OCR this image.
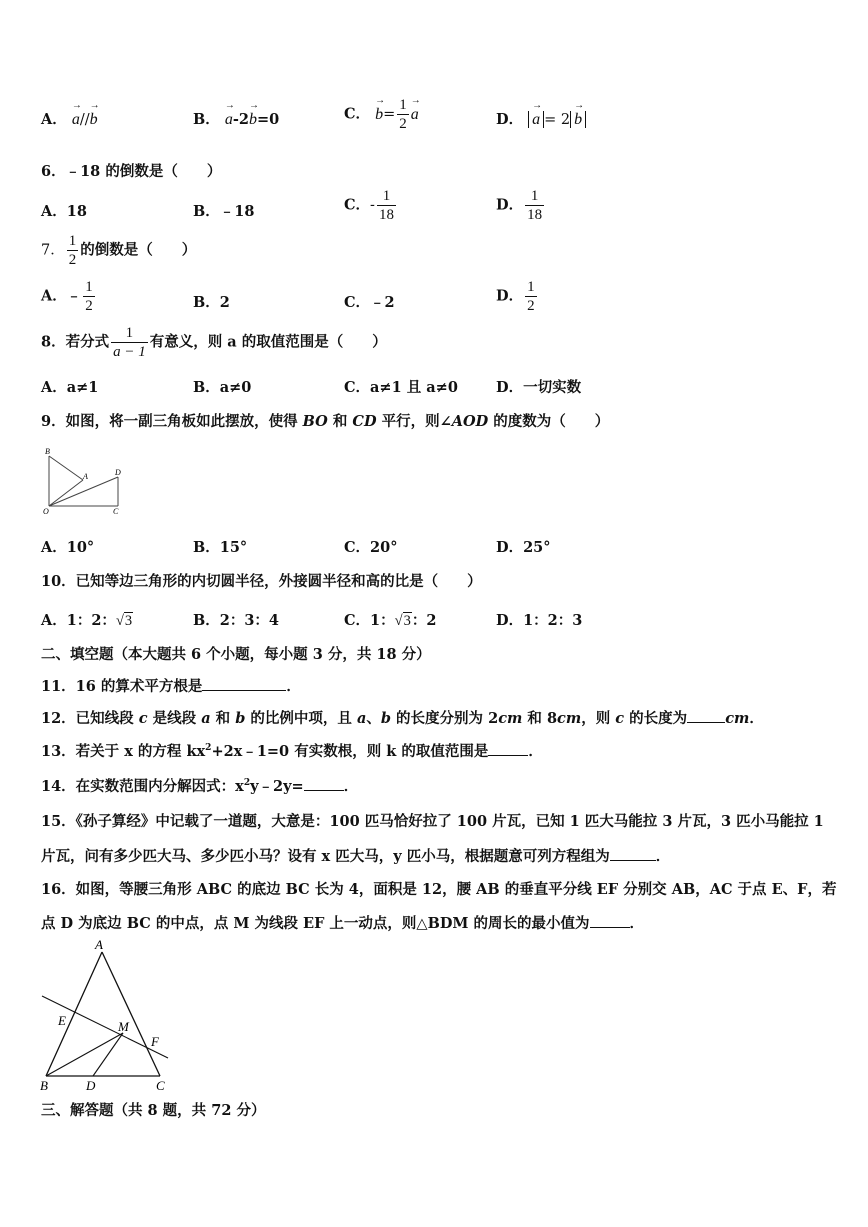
A． → a//→ b	B． → a-2→ b=0	C． → $b= \frac{1}{2}$
→ a	D． → a = 2→ b
6．﹣18 的倒数是（　　）
A．18	B．﹣18	C．- $\frac{1}{18}$	D． $\frac{1}{18}$
7． $\frac{1}{2}$ 的倒数是（　　）
A．﹣ $\frac{1}{2}$	B．2	C．﹣2	D． $\frac{1}{2}$
8．若分式 $\frac{1}{a - 1}$ 有意义，则 a 的取值范围是（　　）
A．a≠1	B．a≠0	C．a≠1 且 a≠0	D．一切实数
9．如图，将一副三角板如此摆放，使得 BO 和 CD 平行，则∠AOD 的度数为（　　）
B
A	D
O	C
A．10°	B．15°	C．20°	D．25°
10．已知等边三角形的内切圆半径，外接圆半径和高的比是（　　）
A．1：2：√3	B．2：3：4	C．1：√3：2	D．1：2：3
二、填空题（本大题共 6 个小题，每小题 3 分，共 18 分）
11．16 的算术平方根是	．
12．已知线段 c 是线段 a 和 b 的比例中项，且 a、b 的长度分别为 2cm 和 8cm，则 c 的长度为	cm．
13．若关于 x 的方程 $kx^2+2x﹣1=0$ 有实数根，则 k 的取值范围是	．
14．在实数范围内分解因式：$x^2y﹣2y=$	．
15．《孙子算经》中记载了一道题，大意是：100 匹马恰好拉了 100 片瓦，已知 1 匹大马能拉 3 片瓦，3 匹小马能拉 1
片瓦，问有多少匹大马、多少匹小马？设有 x 匹大马，y 匹小马，根据题意可列方程组为	．
16．如图，等腰三角形 ABC 的底边 BC 长为 4，面积是 12，腰 AB 的垂直平分线 EF 分别交 AB，AC 于点 E、F，若
点 D 为底边 BC 的中点，点 M 为线段 EF 上一动点，则△BDM 的周长的最小值为	．
A
E	M
F
B	D	C
三、解答题（共 8 题，共 72 分）
